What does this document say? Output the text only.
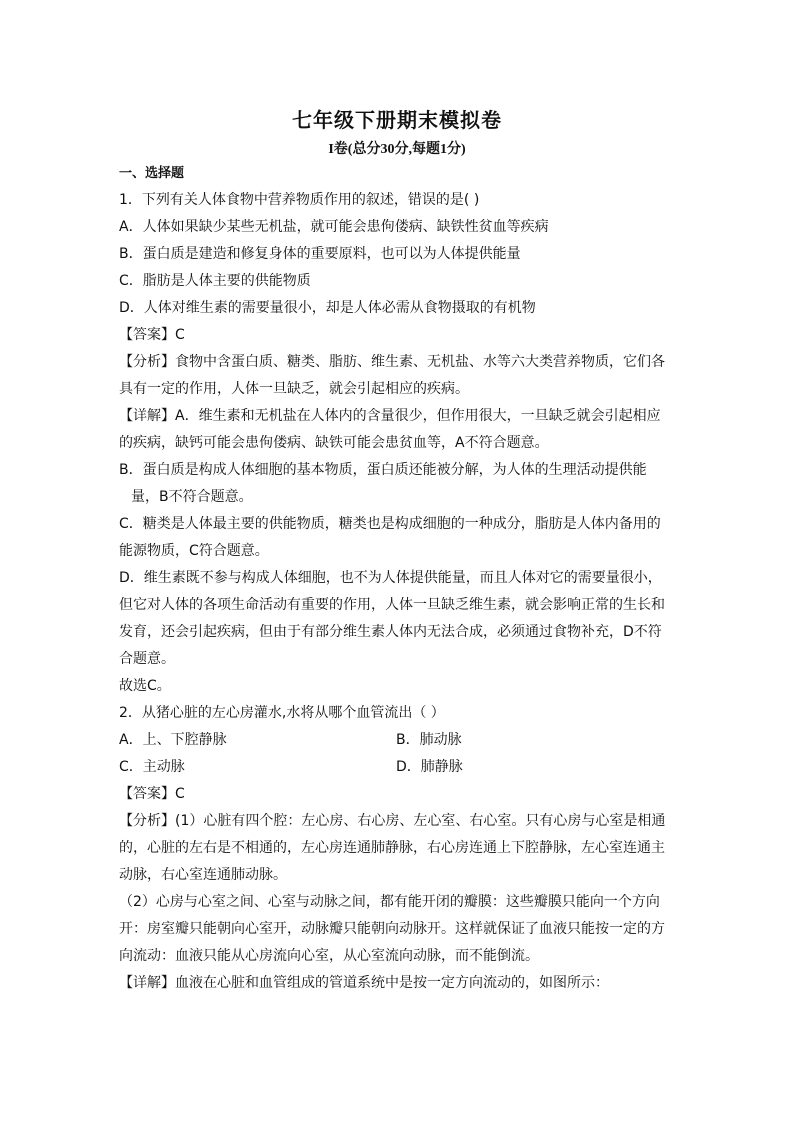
七年级下册期末模拟卷
I卷(总分30分,每题1分)
一、选择题
1．下列有关人体食物中营养物质作用的叙述，错误的是( )
A．人体如果缺少某些无机盐，就可能会患佝偻病、缺铁性贫血等疾病
B．蛋白质是建造和修复身体的重要原料，也可以为人体提供能量
C．脂肪是人体主要的供能物质
D．人体对维生素的需要量很小，却是人体必需从食物摄取的有机物
【答案】C
【分析】食物中含蛋白质、糖类、脂肪、维生素、无机盐、水等六大类营养物质，它们各
具有一定的作用，人体一旦缺乏，就会引起相应的疾病。
【详解】A．维生素和无机盐在人体内的含量很少，但作用很大，一旦缺乏就会引起相应
的疾病，缺钙可能会患佝偻病、缺铁可能会患贫血等，A不符合题意。
B．蛋白质是构成人体细胞的基本物质，蛋白质还能被分解，为人体的生理活动提供能
量，B不符合题意。
C．糖类是人体最主要的供能物质，糖类也是构成细胞的一种成分，脂肪是人体内备用的
能源物质，C符合题意。
D．维生素既不参与构成人体细胞，也不为人体提供能量，而且人体对它的需要量很小，
但它对人体的各项生命活动有重要的作用，人体一旦缺乏维生素，就会影响正常的生长和
发育，还会引起疾病，但由于有部分维生素人体内无法合成，必须通过食物补充，D不符
合题意。
故选C。
2．从猪心脏的左心房灌水,水将从哪个血管流出（ ）
A．上、下腔静脉	B．肺动脉
C．主动脉	D．肺静脉
【答案】C
【分析】(1）心脏有四个腔：左心房、右心房、左心室、右心室。只有心房与心室是相通
的，心脏的左右是不相通的，左心房连通肺静脉，右心房连通上下腔静脉，左心室连通主
动脉，右心室连通肺动脉。
（2）心房与心室之间、心室与动脉之间，都有能开闭的瓣膜：这些瓣膜只能向一个方向
开：房室瓣只能朝向心室开，动脉瓣只能朝向动脉开。这样就保证了血液只能按一定的方
向流动：血液只能从心房流向心室，从心室流向动脉，而不能倒流。
【详解】血液在心脏和血管组成的管道系统中是按一定方向流动的，如图所示：
